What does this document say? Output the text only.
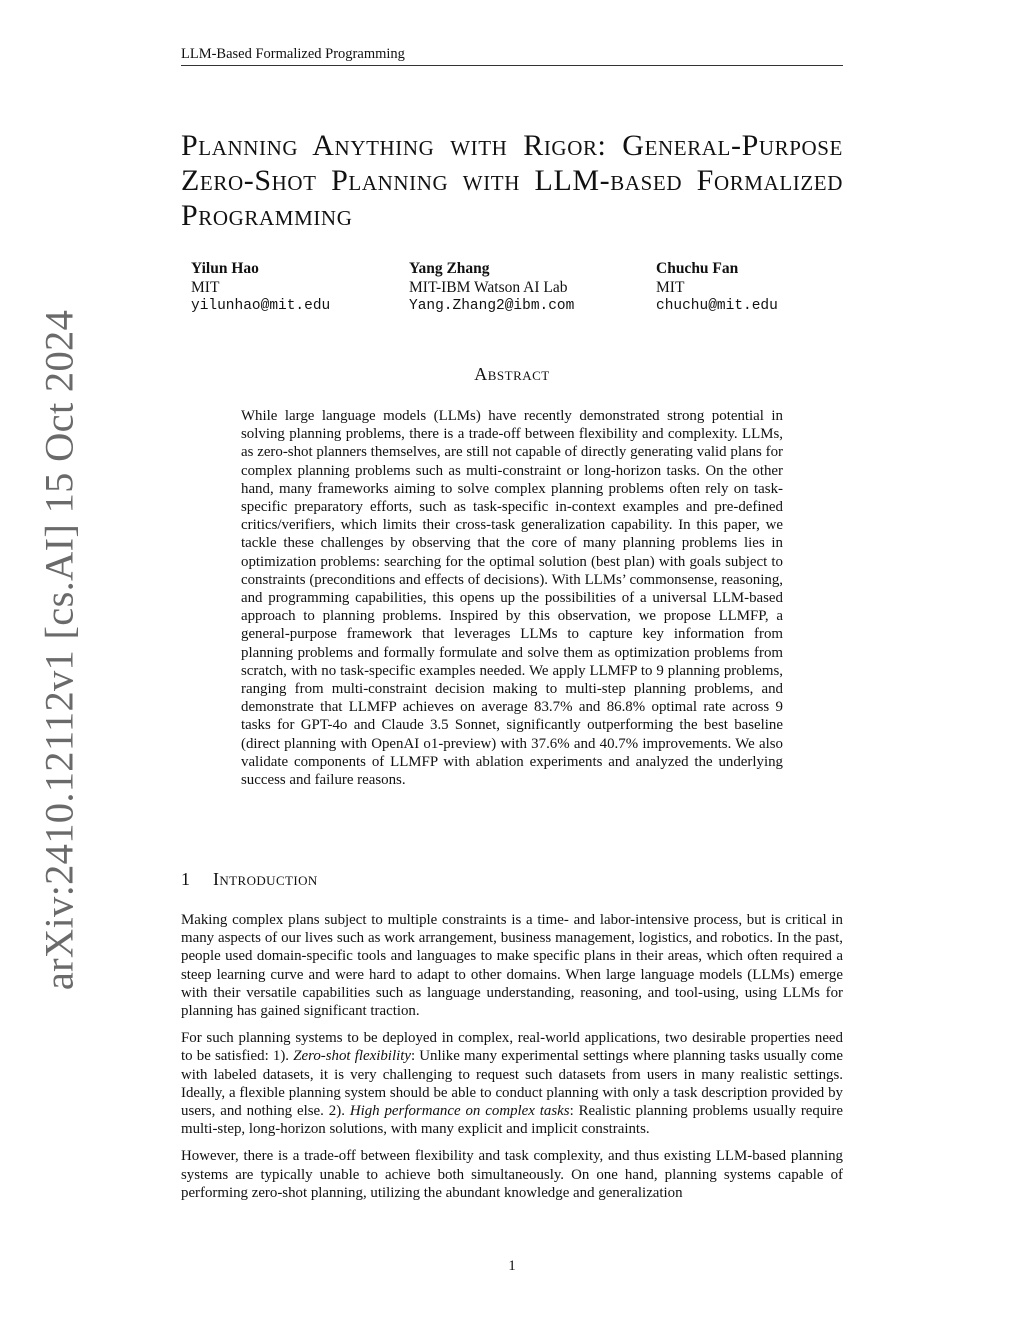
LLM-Based Formalized Programming
arXiv:2410.12112v1 [cs.AI] 15 Oct 2024
Planning Anything with Rigor: General-Purpose Zero-Shot Planning with LLM-based Formalized Programming
Yilun Hao
MIT
yilunhao@mit.edu
Yang Zhang
MIT-IBM Watson AI Lab
Yang.Zhang2@ibm.com
Chuchu Fan
MIT
chuchu@mit.edu
Abstract

While large language models (LLMs) have recently demonstrated strong potential in solving planning problems, there is a trade-off between flexibility and complexity. LLMs, as zero-shot planners themselves, are still not capable of directly generating valid plans for complex planning problems such as multi-constraint or long-horizon tasks. On the other hand, many frameworks aiming to solve complex planning problems often rely on task-specific preparatory efforts, such as task-specific in-context examples and pre-defined critics/verifiers, which limits their cross-task generalization capability. In this paper, we tackle these challenges by observing that the core of many planning problems lies in optimization problems: searching for the optimal solution (best plan) with goals subject to constraints (preconditions and effects of decisions). With LLMs’ commonsense, reasoning, and programming capabilities, this opens up the possibilities of a universal LLM-based approach to planning problems. Inspired by this observation, we propose LLMFP, a general-purpose framework that leverages LLMs to capture key information from planning problems and formally formulate and solve them as optimization problems from scratch, with no task-specific examples needed. We apply LLMFP to 9 planning problems, ranging from multi-constraint decision making to multi-step planning problems, and demonstrate that LLMFP achieves on average 83.7% and 86.8% optimal rate across 9 tasks for GPT-4o and Claude 3.5 Sonnet, significantly outperforming the best baseline (direct planning with OpenAI o1-preview) with 37.6% and 40.7% improvements. We also validate components of LLMFP with ablation experiments and analyzed the underlying success and failure reasons.

1 Introduction

Making complex plans subject to multiple constraints is a time- and labor-intensive process, but is critical in many aspects of our lives such as work arrangement, business management, logistics, and robotics. In the past, people used domain-specific tools and languages to make specific plans in their areas, which often required a steep learning curve and were hard to adapt to other domains. When large language models (LLMs) emerge with their versatile capabilities such as language understanding, reasoning, and tool-using, using LLMs for planning has gained significant traction.

For such planning systems to be deployed in complex, real-world applications, two desirable properties need to be satisfied: 1). Zero-shot flexibility: Unlike many experimental settings where planning tasks usually come with labeled datasets, it is very challenging to request such datasets from users in many realistic settings. Ideally, a flexible planning system should be able to conduct planning with only a task description provided by users, and nothing else. 2). High performance on complex tasks: Realistic planning problems usually require multi-step, long-horizon solutions, with many explicit and implicit constraints.

However, there is a trade-off between flexibility and task complexity, and thus existing LLM-based planning systems are typically unable to achieve both simultaneously. On one hand, planning systems capable of performing zero-shot planning, utilizing the abundant knowledge and generalization

1
